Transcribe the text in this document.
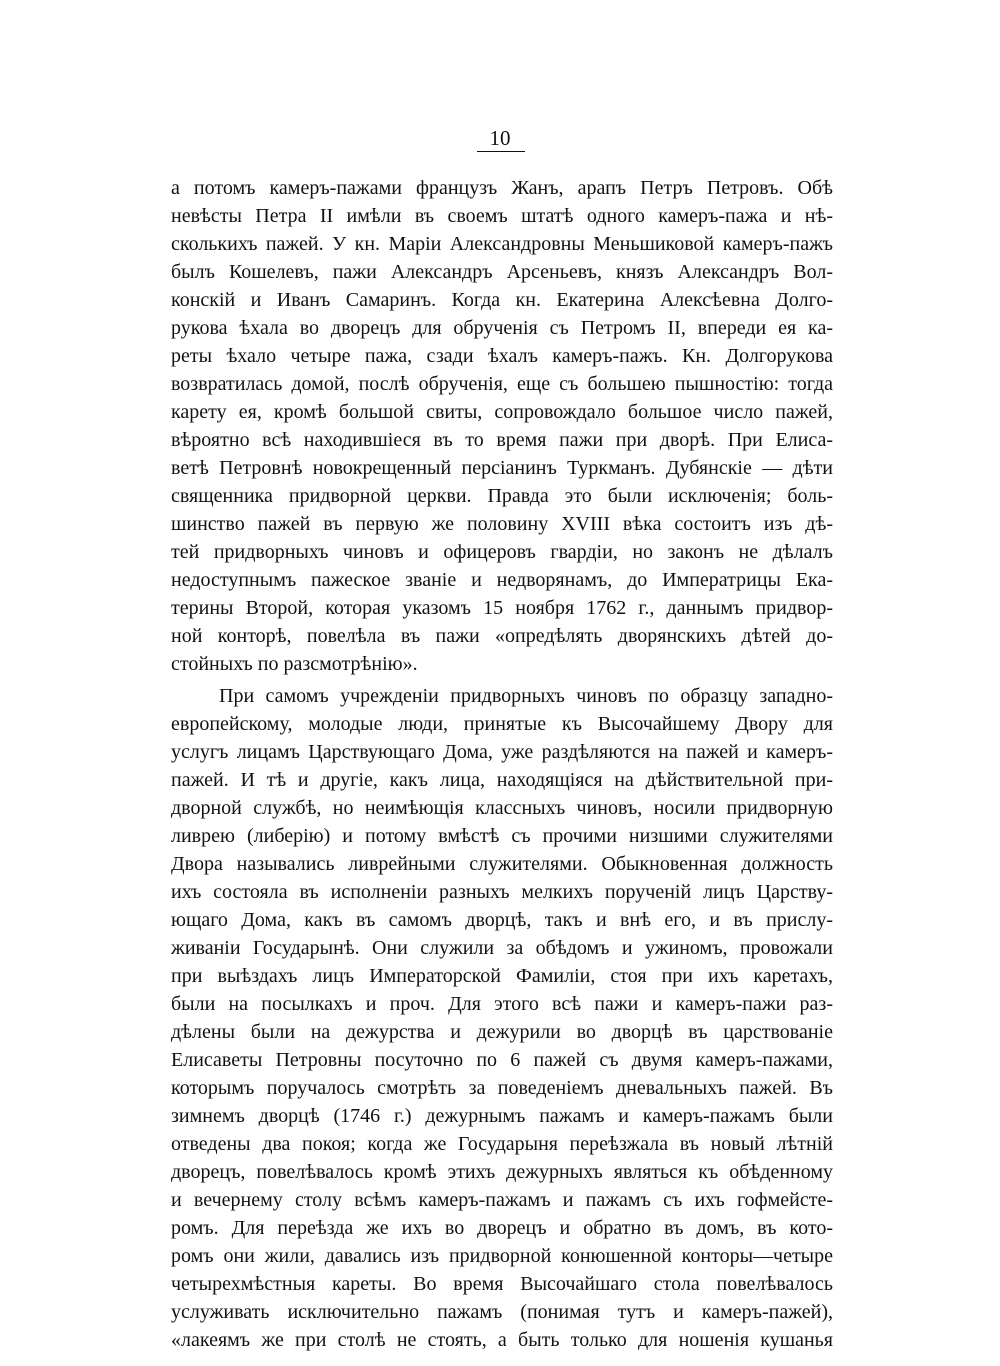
10
а потомъ камеръ-пажами французъ Жанъ, арапъ Петръ Петровъ. Обѣ
невѣсты Петра II имѣли въ своемъ штатѣ одного камеръ-пажа и нѣ-
сколькихъ пажей. У кн. Маріи Александровны Меньшиковой камеръ-пажъ
былъ Кошелевъ, пажи Александръ Арсеньевъ, князъ Александръ Вол-
конскій и Иванъ Самаринъ. Когда кн. Екатерина Алексѣевна Долго-
рукова ѣхала во дворецъ для обрученія съ Петромъ II, впереди ея ка-
реты ѣхало четыре пажа, сзади ѣхалъ камеръ-пажъ. Кн. Долгорукова
возвратилась домой, послѣ обрученія, еще съ большею пышностію: тогда
карету ея, кромѣ большой свиты, сопровождало большое число пажей,
вѣроятно всѣ находившіеся въ то время пажи при дворѣ. При Елиса-
ветѣ Петровнѣ новокрещенный персіанинъ Туркманъ. Дубянскіе — дѣти
священника придворной церкви. Правда это были исключенія; боль-
шинство пажей въ первую же половину XVIII вѣка состоитъ изъ дѣ-
тей придворныхъ чиновъ и офицеровъ гвардіи, но законъ не дѣлалъ
недоступнымъ пажеское званіе и недворянамъ, до Императрицы Ека-
терины Второй, которая указомъ 15 ноября 1762 г., даннымъ придвор-
ной конторѣ, повелѣла въ пажи «опредѣлять дворянскихъ дѣтей до-
стойныхъ по разсмотрѣнію».
При самомъ учрежденіи придворныхъ чиновъ по образцу западно-
европейскому, молодые люди, принятые къ Высочайшему Двору для
услугъ лицамъ Царствующаго Дома, уже раздѣляются на пажей и камеръ-
пажей. И тѣ и другіе, какъ лица, находящіяся на дѣйствительной при-
дворной службѣ, но неимѣющія классныхъ чиновъ, носили придворную
ливрею (либерію) и потому вмѣстѣ съ прочими низшими служителями
Двора назывались ливрейными служителями. Обыкновенная должность
ихъ состояла въ исполненіи разныхъ мелкихъ порученій лицъ Царству-
ющаго Дома, какъ въ самомъ дворцѣ, такъ и внѣ его, и въ прислу-
живаніи Государынѣ. Они служили за обѣдомъ и ужиномъ, провожали
при выѣздахъ лицъ Императорской Фамиліи, стоя при ихъ каретахъ,
были на посылкахъ и проч. Для этого всѣ пажи и камеръ-пажи раз-
дѣлены были на дежурства и дежурили во дворцѣ въ царствованіе
Елисаветы Петровны посуточно по 6 пажей съ двумя камеръ-пажами,
которымъ поручалось смотрѣть за поведеніемъ дневальныхъ пажей. Въ
зимнемъ дворцѣ (1746 г.) дежурнымъ пажамъ и камеръ-пажамъ были
отведены два покоя; когда же Государыня переѣзжала въ новый лѣтній
дворецъ, повелѣвалось кромѣ этихъ дежурныхъ являться къ обѣденному
и вечернему столу всѣмъ камеръ-пажамъ и пажамъ съ ихъ гофмейсте-
ромъ. Для переѣзда же ихъ во дворецъ и обратно въ домъ, въ кото-
ромъ они жили, давались изъ придворной конюшенной конторы—четыре
четырехмѣстныя кареты. Во время Высочайшаго стола повелѣвалось
услуживать исключительно пажамъ (понимая тутъ и камеръ-пажей),
«лакеямъ же при столѣ не стоять, а быть только для ношенія кушанья
